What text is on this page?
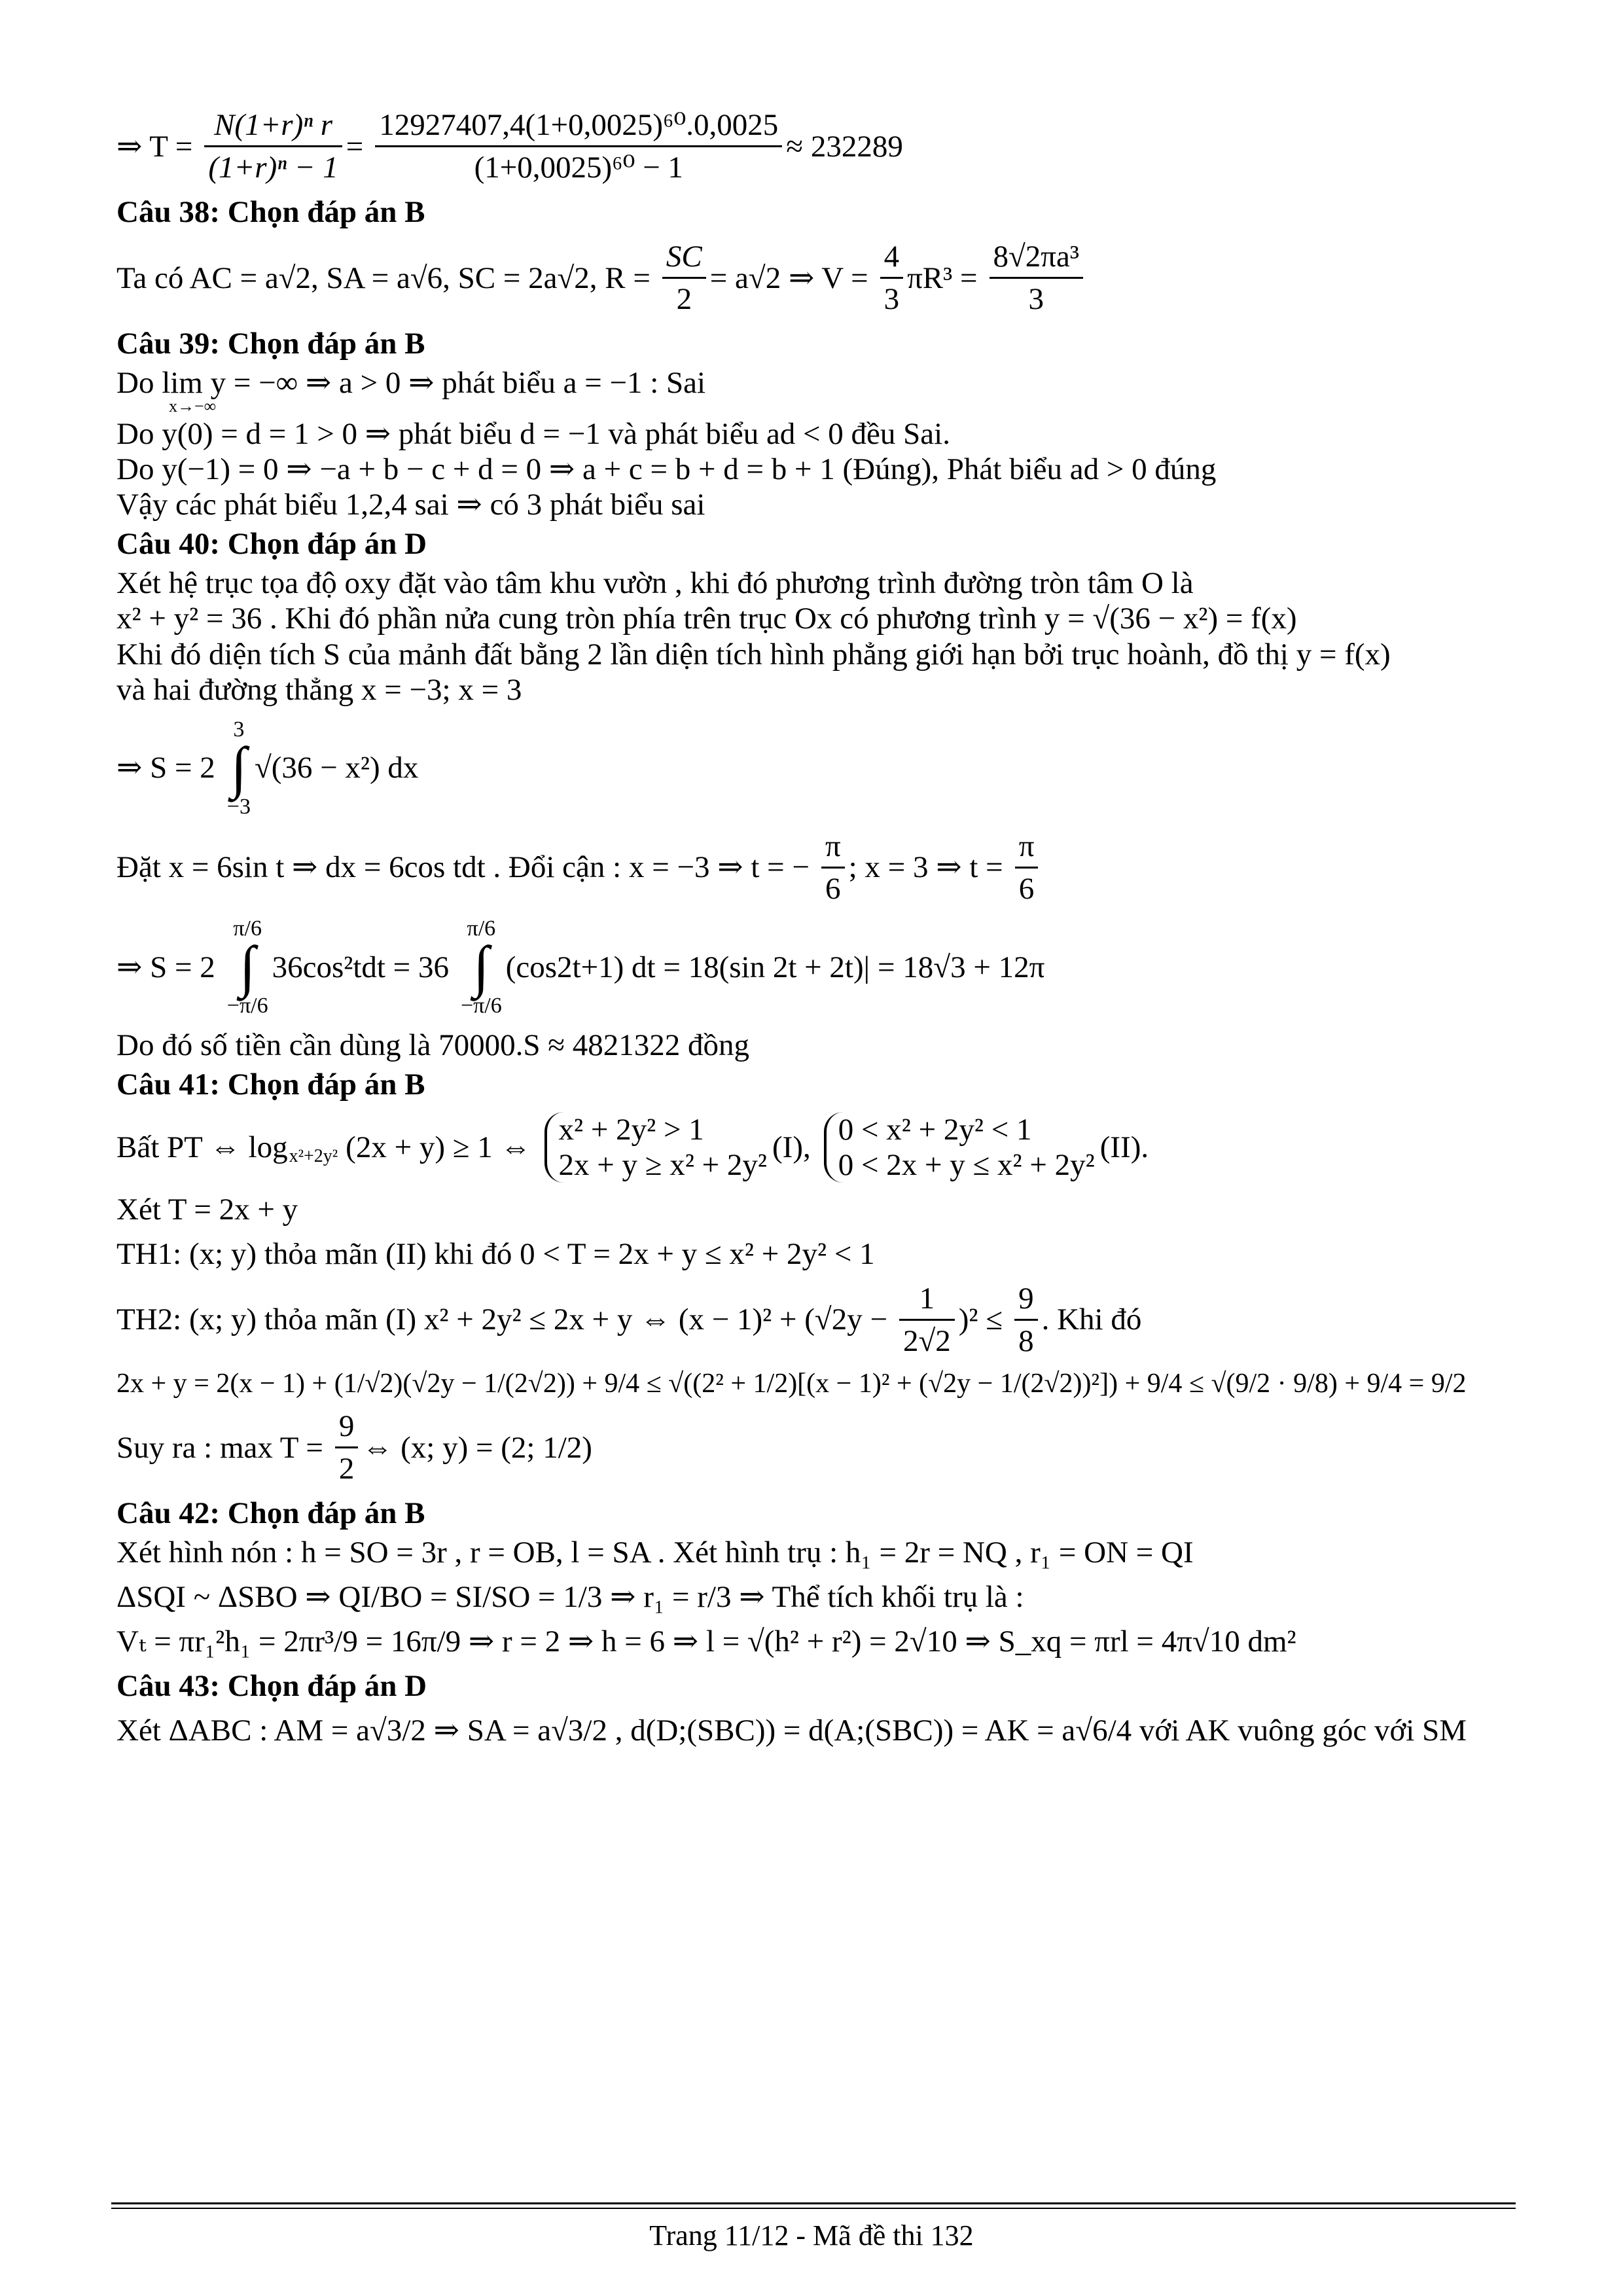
⇒ $T = \frac{\text{N(1+r)ⁿ r}}{\text{(1+r)ⁿ − 1}} = \frac{\text{12927407,4(1+0,0025)⁶⁰.0,0025}}{\text{(1+0,0025)⁶⁰ − 1}} \approx 232289$
Câu 38: Chọn đáp án B
Ta có AC = a√2, SA = a√6, SC = 2a√2, $R = \frac{SC}{2} = a√2$ ⇒ $V = \frac{4}{3} \pi R^3 = \frac{\text{8√2πa³}}{3}$
Câu 39: Chọn đáp án B
Do lim y = −∞ ⇒ a > 0 ⇒ phát biểu a = −1 : Sai
x→−∞
Do y(0) = d = 1 > 0 ⇒ phát biểu d = −1 và phát biểu ad < 0 đều Sai.
Do y(−1) = 0 ⇒ −a + b − c + d = 0 ⇒ a + c = b + d = b + 1 (Đúng), Phát biểu ad > 0 đúng
Vậy các phát biểu 1,2,4 sai ⇒ có 3 phát biểu sai
Câu 40: Chọn đáp án D
Xét hệ trục tọa độ oxy đặt vào tâm khu vườn , khi đó phương trình đường tròn tâm O là
x² + y² = 36 . Khi đó phần nửa cung tròn phía trên trục Ox có phương trình y = √(36 − x²) = f(x)
Khi đó diện tích S của mảnh đất bằng 2 lần diện tích hình phẳng giới hạn bởi trục hoành, đồ thị y = f(x)
và hai đường thẳng x = −3; x = 3
⇒ S = 2
3
∫
−3
√(36 − x²) dx
Đặt x = 6sin t ⇒ dx = 6cos tdt . Đổi cận : x = −3 ⇒ t = − $\frac{\pi}{6}$ ; x = 3 ⇒ $t = \frac{\pi}{6}$
⇒ S = 2
π/6
∫
−π/6
36cos²tdt = 36
π/6
∫
−π/6
(cos2t+1) dt = 18(sin 2t + 2t)| = 18√3 + 12π
Do đó số tiền cần dùng là 70000.S ≈ 4821322 đồng
Câu 41: Chọn đáp án B
Bất PT ⇔ $\log_{x^2+2y^2} (2x + y) \ge 1$ ⇔
x² + 2y² > 1
2x + y ≥ x² + 2y²
(I),
0 < x² + 2y² < 1
0 < 2x + y ≤ x² + 2y²
(II).
Xét T = 2x + y
TH1: (x; y) thỏa mãn (II) khi đó 0 < T = 2x + y ≤ x² + 2y² < 1
TH2: (x; y) thỏa mãn (I) x² + 2y² ≤ 2x + y ⇔ $(x - 1)^2 + (√2y - \frac{1}{2√2} )^2 \le \frac{9}{8}$ . Khi đó
2x + y = 2(x − 1) + (1/√2)(√2y − 1/(2√2)) + 9/4 ≤ √((2² + 1/2)[(x − 1)² + (√2y − 1/(2√2))²]) + 9/4 ≤ √(9/2 · 9/8) + 9/4 = 9/2
Suy ra : $\max T = \frac{9}{2}$ ⇔ (x; y) = (2; 1/2)
Câu 42: Chọn đáp án B
Xét hình nón : h = SO = 3r , r = OB, l = SA . Xét hình trụ : h₁ = 2r = NQ , r₁ = ON = QI
ΔSQI ~ ΔSBO ⇒ QI/BO = SI/SO = 1/3 ⇒ r₁ = r/3 ⇒ Thể tích khối trụ là :
Vₜ = πr₁²h₁ = 2πr³/9 = 16π/9 ⇒ r = 2 ⇒ h = 6 ⇒ l = √(h² + r²) = 2√10 ⇒ S_xq = πrl = 4π√10 dm²
Câu 43: Chọn đáp án D
Xét ΔABC : AM = a√3/2 ⇒ SA = a√3/2 , d(D;(SBC)) = d(A;(SBC)) = AK = a√6/4 với AK vuông góc với SM
Trang 11/12 - Mã đề thi 132
